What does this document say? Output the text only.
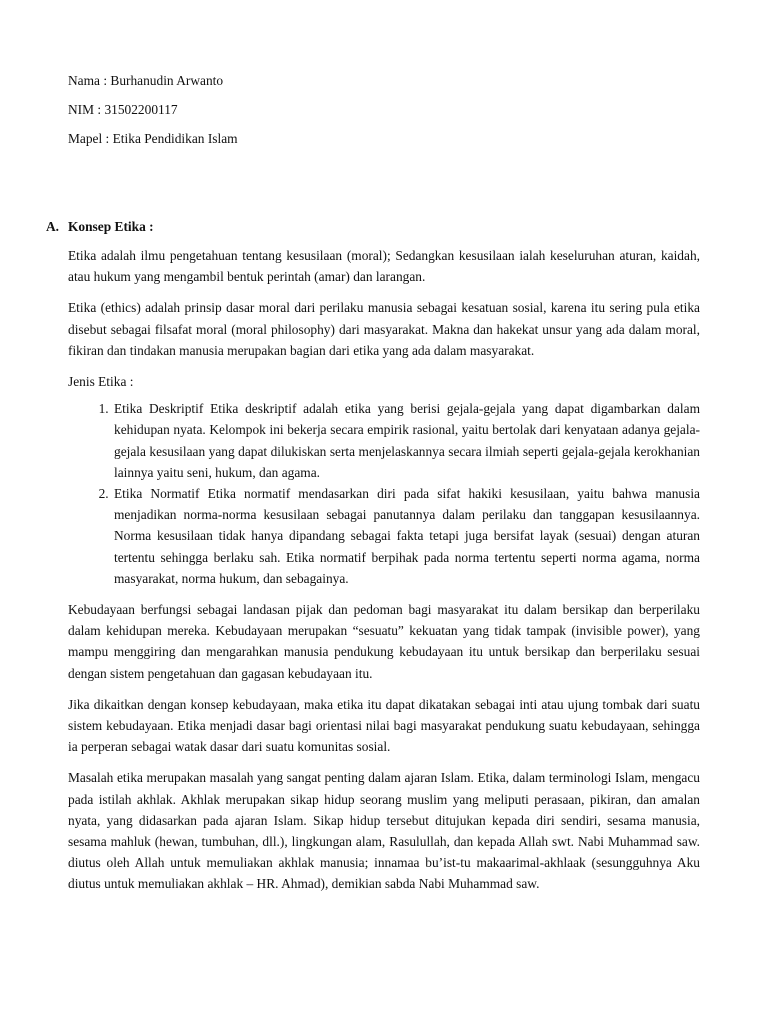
Nama : Burhanudin Arwanto

NIM : 31502200117

Mapel : Etika Pendidikan Islam

A. Konsep Etika :

Etika adalah ilmu pengetahuan tentang kesusilaan (moral); Sedangkan kesusilaan ialah keseluruhan aturan, kaidah, atau hukum yang mengambil bentuk perintah (amar) dan larangan.

Etika (ethics) adalah prinsip dasar moral dari perilaku manusia sebagai kesatuan sosial, karena itu sering pula etika disebut sebagai filsafat moral (moral philosophy) dari masyarakat. Makna dan hakekat unsur yang ada dalam moral, fikiran dan tindakan manusia merupakan bagian dari etika yang ada dalam masyarakat.

Jenis Etika :

1. Etika Deskriptif Etika deskriptif adalah etika yang berisi gejala-gejala yang dapat digambarkan dalam kehidupan nyata. Kelompok ini bekerja secara empirik rasional, yaitu bertolak dari kenyataan adanya gejala-gejala kesusilaan yang dapat dilukiskan serta menjelaskannya secara ilmiah seperti gejala-gejala kerokhanian lainnya yaitu seni, hukum, dan agama.
2. Etika Normatif Etika normatif mendasarkan diri pada sifat hakiki kesusilaan, yaitu bahwa manusia menjadikan norma-norma kesusilaan sebagai panutannya dalam perilaku dan tanggapan kesusilaannya. Norma kesusilaan tidak hanya dipandang sebagai fakta tetapi juga bersifat layak (sesuai) dengan aturan tertentu sehingga berlaku sah. Etika normatif berpihak pada norma tertentu seperti norma agama, norma masyarakat, norma hukum, dan sebagainya.

Kebudayaan berfungsi sebagai landasan pijak dan pedoman bagi masyarakat itu dalam bersikap dan berperilaku dalam kehidupan mereka. Kebudayaan merupakan “sesuatu” kekuatan yang tidak tampak (invisible power), yang mampu menggiring dan mengarahkan manusia pendukung kebudayaan itu untuk bersikap dan berperilaku sesuai dengan sistem pengetahuan dan gagasan kebudayaan itu.

Jika dikaitkan dengan konsep kebudayaan, maka etika itu dapat dikatakan sebagai inti atau ujung tombak dari suatu sistem kebudayaan. Etika menjadi dasar bagi orientasi nilai bagi masyarakat pendukung suatu kebudayaan, sehingga ia perperan sebagai watak dasar dari suatu komunitas sosial.

Masalah etika merupakan masalah yang sangat penting dalam ajaran Islam. Etika, dalam terminologi Islam, mengacu pada istilah akhlak. Akhlak merupakan sikap hidup seorang muslim yang meliputi perasaan, pikiran, dan amalan nyata, yang didasarkan pada ajaran Islam. Sikap hidup tersebut ditujukan kepada diri sendiri, sesama manusia, sesama mahluk (hewan, tumbuhan, dll.), lingkungan alam, Rasulullah, dan kepada Allah swt. Nabi Muhammad saw. diutus oleh Allah untuk memuliakan akhlak manusia; innamaa bu’ist-tu makaarimal-akhlaak (sesungguhnya Aku diutus untuk memuliakan akhlak – HR. Ahmad), demikian sabda Nabi Muhammad saw.
